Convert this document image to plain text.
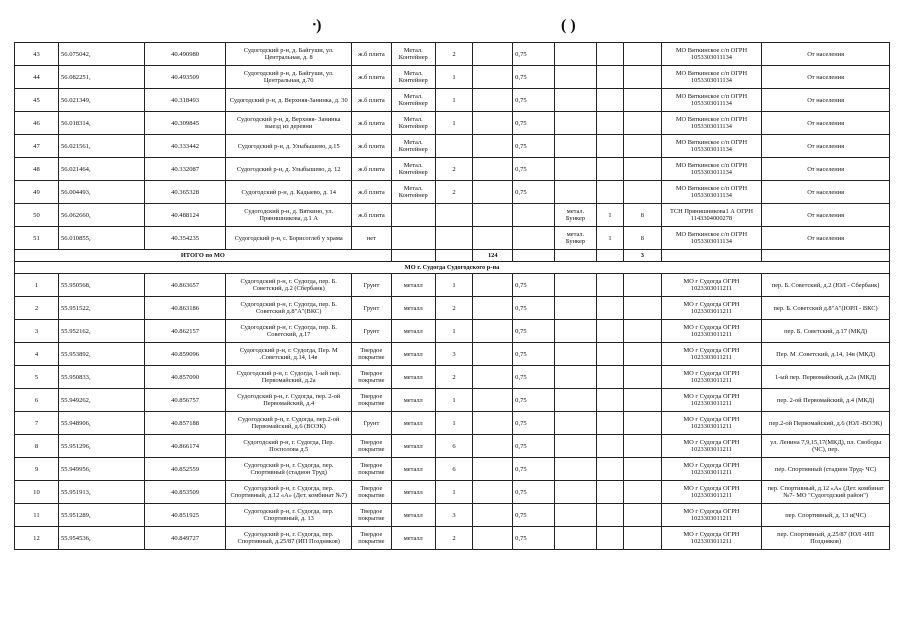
ᐧ)	( )
43	56.075042,	40.490980	Судогодский р-н, д. Байгуши, ул. Центральная, д. 8	ж.б плита	Метал. Контейнер	2		0,75				МО Вяткинское с/п ОГРН 1053303011134	От населения
44	56.082251,	40.493509	Судогодский р-н, д. Байгуши, ул. Центральная, д.70	ж.б плита	Метал. Контейнер	1		0,75				МО Вяткинское с/п ОГРН 1053303011134	От населения
45	56.021349,	40.318493	Судогодский р-н, д. Верхняя-Занинка, д. 30	ж.б плита	Метал. Контейнер	1		0,75				МО Вяткинское с/п ОГРН 1053303011134	От населения
46	56.018314,	40.309845	Судогодский р-н, д. Верхняя- Занинка выезд из деревни	ж.б плита	Метал. Контейнер	1		0,75				МО Вяткинское с/п ОГРН 1053303011134	От населения
47	56.021561,	40.333442	Судогодский р-н, д. Улыбышево, д.15	ж.б плита	Метал. Контейнер			0,75				МО Вяткинское с/п ОГРН 1053303011134	От населения
48	56.021464,	40.332087	Судогодский р-н, д. Улыбышево, д. 12	ж.б плита	Метал. Контейнер	2		0,75				МО Вяткинское с/п ОГРН 1053303011134	От населения
49	56.004493,	40.365328	Судогодский р-н, д. Кадыево, д. 14	ж.б плита	Метал. Контейнер	2		0,75				МО Вяткинское с/п ОГРН 1053303011134	От населения
50	56.062660,	40.488124	Судогодский р-н, д. Вяткино, ул. Прянишникова, д.1 А	ж.б плита					метал. Бункер	1	8	ТСН Прянишникова1 А ОГРН 1143304000278	От населения
51	56.010855,	40.354235	Судогодский р-н, с. Борисоглеб у храма	нет					метал. Бункер	1	8	МО Вяткинское с/п ОГРН 1053303011134	От населения
ИТОГО по МО							124				3		
МО г. Судогда Судогодского р-на													
1	55.950568,	40.863657	Судогодский р-н, г. Судогда, пер. Б. Советский, д.2 (Сбербанк)	Грунт	металл	1		0,75				МО г Судогда ОГРН 1023303011211	пер. Б. Советский, д.2 (ЮЛ - Сбербанк)
2	55.951522,	40.863186	Судогодский р-н, г. Судогда, пер. Б. Советский д.8"А"(ВКС)	Грунт	металл	2		0,75				МО г Судогда ОГРН 1023303011211	пер. Б. Советский д.8"А"(ЮРЛ - ВКС)
3	55.952162,	40.862157	Судогодский р-н, г. Судогда, пер. Б. Советский, д.17	Грунт	металл	1		0,75				МО г Судогда ОГРН 1023303011211	пер. Б. Советский, д.17 (МКД)
4	55.953892,	40.859096	Судогодский р-н, г. Судогда, Пер. М .Советский, д.14, 14в	Твердое покрытие	металл	3		0,75				МО г Судогда ОГРН 1023303011211	Пер. М .Советский, д.14, 14в (МКД)
5	55.950833,	40.857090	Судогодский р-н, г. Судогда, 1-ый пер. Первомайский, д.2а	Твердое покрытие	металл	2		0,75				МО г Судогда ОГРН 1023303011211	1-ый пер. Первомайский, д.2а (МКД)
6	55.949262,	40.856757	Судогодский р-н, г. Судогда, пер. 2-ой Первомайский, д.4	Твердое покрытие	металл	1		0,75				МО г Судогда ОГРН 1023303011211	пер. 2-ой Первомайский, д.4 (МКД)
7	55.948906,	40.857188	Судогодский р-н, г. Судогда, пер.2-ой Первомайский, д.6 (ВОЭК)	Грунт	металл	1		0,75				МО г Судогда ОГРН 1023303011211	пер.2-ой Первомайский, д.6 (ЮЛ -ВОЭК)
8	55.951296,	40.866174	Судогодский р-н, г. Судогда, Пер. Посполова д.5	Твердое покрытие	металл	6		0,75				МО г Судогда ОГРН 1023303011211	ул. Ленина 7,9,15,17(МКД), пл. Свободы (ЧС), пер.
9	55.949956,	40.852559	Судогодский р-н, г. Судогда, пер. Спортивный (стадион Труд)	Твердое покрытие	металл	6		0,75				МО г Судогда ОГРН 1023303011211	пер. Спортивный (стадион Труд- ЧС)
10	55.951913,	40.853509	Судогодский р-н, г. Судогда, пер. Спортивный, д.12 «А» (Дет. комбинат №7)	Твердое покрытие	металл	1		0,75				МО г Судогда ОГРН 1023303011211	пер. Спортивный, д.12 «А» (Дет. комбинат №7- МО "Судогодский район")
11	55.951289,	40.851925	Судогодский р-н, г. Судогда, пер. Спортивный, д. 13	Твердое покрытие	металл	3		0,75				МО г Судогда ОГРН 1023303011211	пер. Спортивный, д. 13 и(ЧС)
12	55.954536,	40.849727	Судогодский р-н, г. Судогда, пер. Спортивный, д.25/87 (ИП Поздняков)	Твердое покрытие	металл	2		0,75				МО г Судогда ОГРН 1023303011211	пер. Спортивный, д.25/87 (ЮЛ -ИП Поздняков)
